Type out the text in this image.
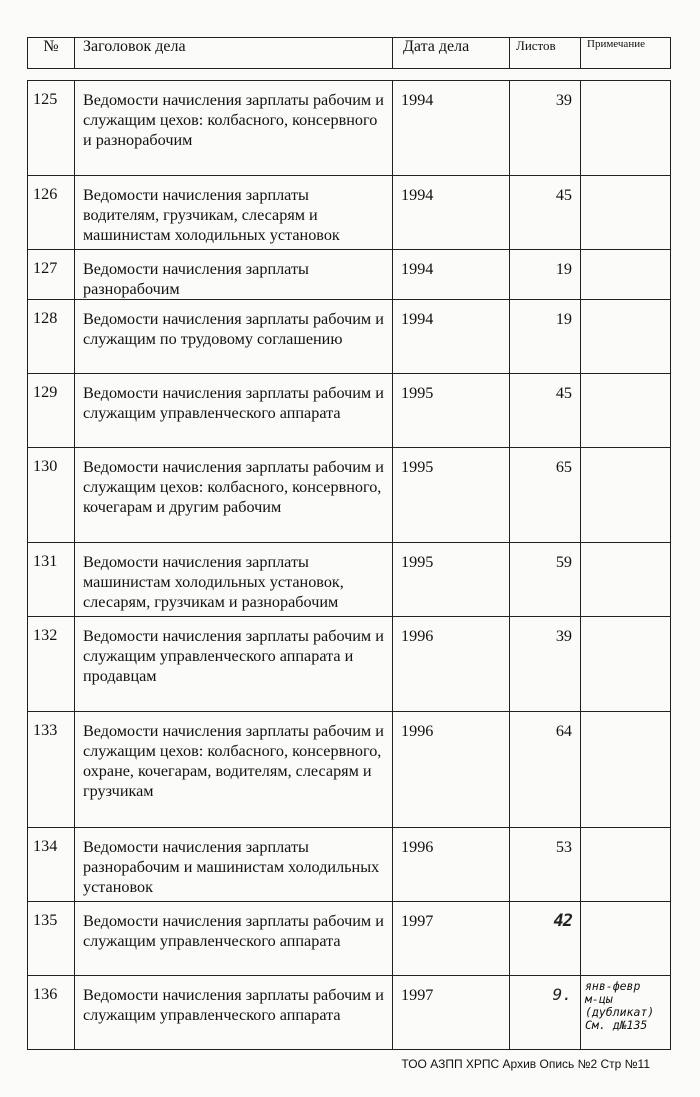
№	Заголовок дела	Дата дела	Листов	Примечание
125	Ведомости начисления зарплаты рабочим и служащим цехов: колбасного, консервного и разнорабочим	1994	39	
126	Ведомости начисления зарплаты водителям, грузчикам, слесарям и машинистам холодильных установок	1994	45	
127	Ведомости начисления зарплаты разнорабочим	1994	19	
128	Ведомости начисления зарплаты рабочим и служащим по трудовому соглашению	1994	19	
129	Ведомости начисления зарплаты рабочим и служащим управленческого аппарата	1995	45	
130	Ведомости начисления зарплаты рабочим и служащим цехов: колбасного, консервного, кочегарам и другим рабочим	1995	65	
131	Ведомости начисления зарплаты машинистам холодильных установок, слесарям, грузчикам и разнорабочим	1995	59	
132	Ведомости начисления зарплаты рабочим и служащим управленческого аппарата и продавцам	1996	39	
133	Ведомости начисления зарплаты рабочим и служащим цехов: колбасного, консервного, охране, кочегарам, водителям, слесарям и грузчикам	1996	64	
134	Ведомости начисления зарплаты разнорабочим и машинистам холодильных установок	1996	53	
135	Ведомости начисления зарплаты рабочим и служащим управленческого аппарата	1997	42	
136	Ведомости начисления зарплаты рабочим и служащим управленческого аппарата	1997	9.	янв-февр
м-цы
(дубликат)
См. д№135
ТОО АЗПП ХРПС Архив Опись №2 Стр №11
